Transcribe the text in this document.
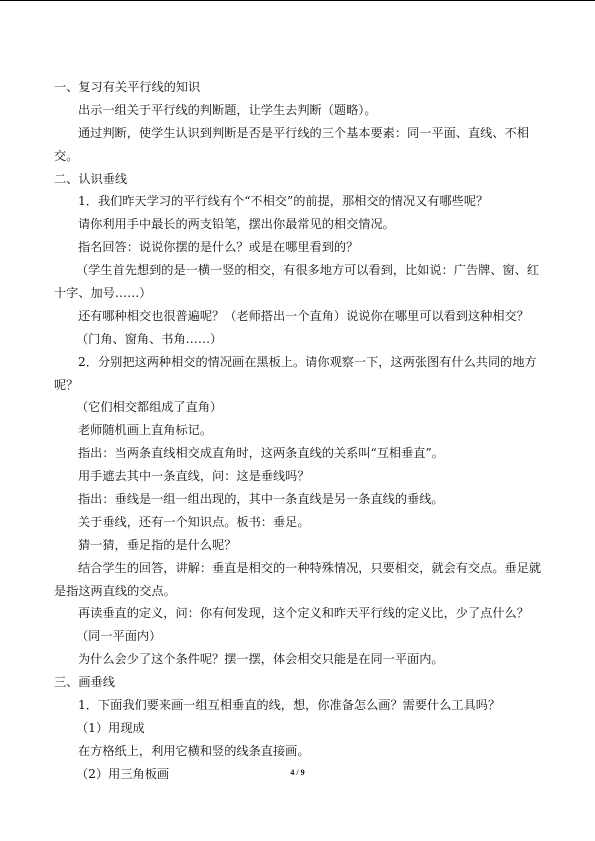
一、复习有关平行线的知识
出示一组关于平行线的判断题，让学生去判断（题略）。
通过判断，使学生认识到判断是否是平行线的三个基本要素：同一平面、直线、不相
交。
二、认识垂线
1．我们昨天学习的平行线有个“不相交”的前提，那相交的情况又有哪些呢？
请你利用手中最长的两支铅笔，摆出你最常见的相交情况。
指名回答：说说你摆的是什么？或是在哪里看到的？
（学生首先想到的是一横一竖的相交，有很多地方可以看到，比如说：广告牌、窗、红
十字、加号……）
还有哪种相交也很普遍呢？（老师搭出一个直角）说说你在哪里可以看到这种相交？
（门角、窗角、书角……）
2．分别把这两种相交的情况画在黑板上。请你观察一下，这两张图有什么共同的地方
呢？
（它们相交都组成了直角）
老师随机画上直角标记。
指出：当两条直线相交成直角时，这两条直线的关系叫“互相垂直”。
用手遮去其中一条直线，问：这是垂线吗？
指出：垂线是一组一组出现的，其中一条直线是另一条直线的垂线。
关于垂线，还有一个知识点。板书：垂足。
猜一猜，垂足指的是什么呢？
结合学生的回答，讲解：垂直是相交的一种特殊情况，只要相交，就会有交点。垂足就
是指这两直线的交点。
再读垂直的定义，问：你有何发现，这个定义和昨天平行线的定义比，少了点什么？
（同一平面内）
为什么会少了这个条件呢？摆一摆，体会相交只能是在同一平面内。
三、画垂线
1．下面我们要来画一组互相垂直的线，想，你准备怎么画？需要什么工具吗？
（1）用现成
在方格纸上，利用它横和竖的线条直接画。
（2）用三角板画	4 / 9
